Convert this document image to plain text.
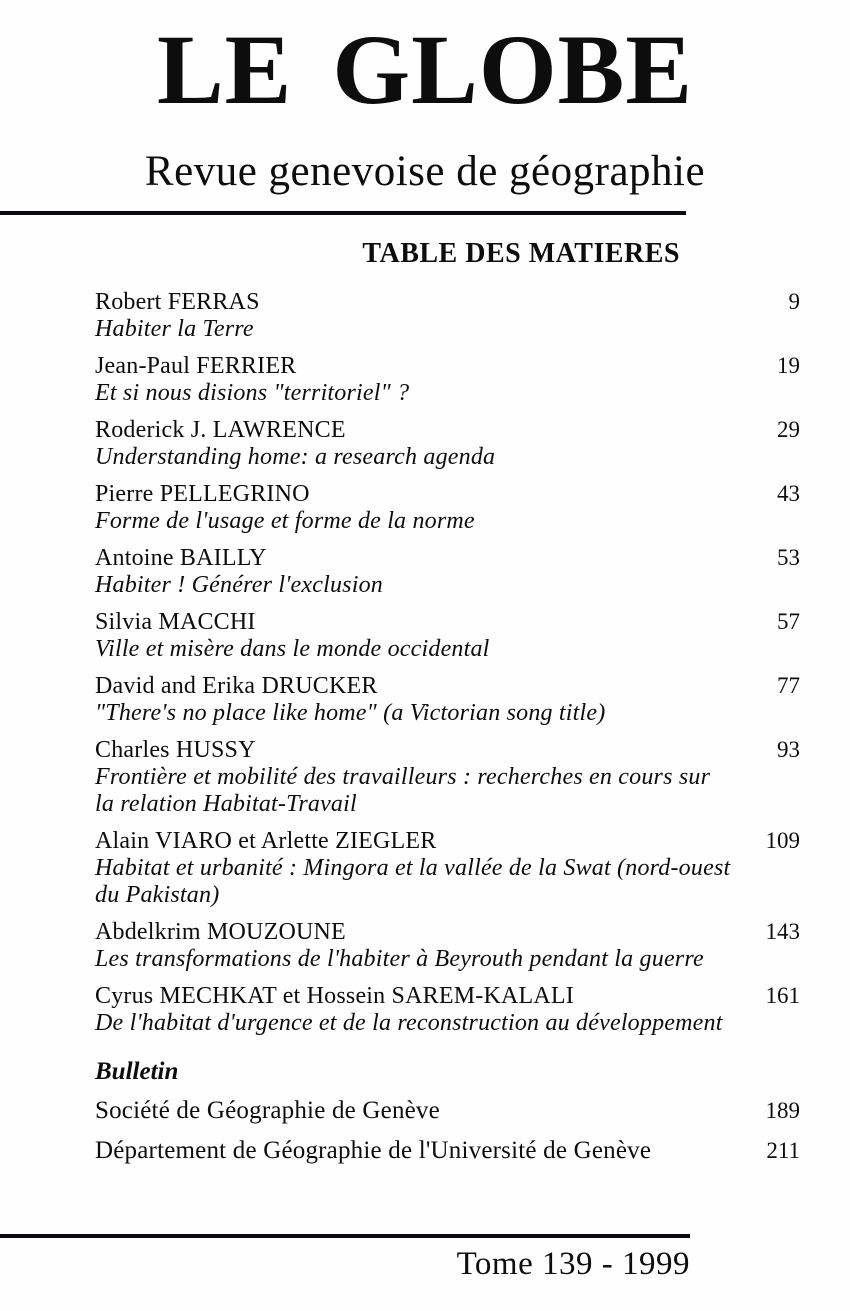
LE GLOBE
Revue genevoise de géographie
TABLE DES MATIERES
Robert FERRAS	9
Habiter la Terre
Jean-Paul FERRIER	19
Et si nous disions "territoriel" ?
Roderick J. LAWRENCE	29
Understanding home: a research agenda
Pierre PELLEGRINO	43
Forme de l'usage et forme de la norme
Antoine BAILLY	53
Habiter ! Générer l'exclusion
Silvia MACCHI	57
Ville et misère dans le monde occidental
David and Erika DRUCKER	77
"There's no place like home" (a Victorian song title)
Charles HUSSY	93
Frontière et mobilité des travailleurs : recherches en cours sur la relation Habitat-Travail
Alain VIARO et Arlette ZIEGLER	109
Habitat et urbanité : Mingora et la vallée de la Swat (nord-ouest du Pakistan)
Abdelkrim MOUZOUNE	143
Les transformations de l'habiter à Beyrouth pendant la guerre
Cyrus MECHKAT et Hossein SAREM-KALALI	161
De l'habitat d'urgence et de la reconstruction au développement
Bulletin
Société de Géographie de Genève	189
Département de Géographie de l'Université de Genève	211
Tome 139 - 1999
